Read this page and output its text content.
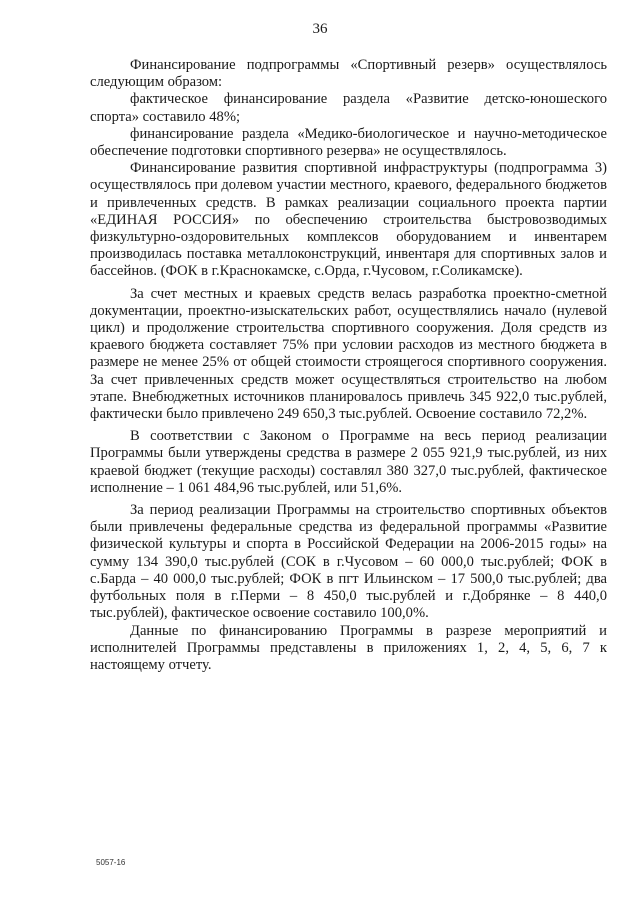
36

Финансирование подпрограммы «Спортивный резерв» осуществлялось следующим образом:

фактическое финансирование раздела «Развитие детско-юношеского спорта» составило 48%;

финансирование раздела «Медико-биологическое и научно-методическое обеспечение подготовки спортивного резерва» не осуществлялось.

Финансирование развития спортивной инфраструктуры (подпрограмма 3) осуществлялось при долевом участии местного, краевого, федерального бюджетов и привлеченных средств. В рамках реализации социального проекта партии «ЕДИНАЯ РОССИЯ» по обеспечению строительства быстровозводимых физкультурно-оздоровительных комплексов оборудованием и инвентарем производилась поставка металлоконструкций, инвентаря для спортивных залов и бассейнов. (ФОК в г.Краснокамске, с.Орда, г.Чусовом, г.Соликамске).

За счет местных и краевых средств велась разработка проектно-сметной документации, проектно-изыскательских работ, осуществлялись начало (нулевой цикл) и продолжение строительства спортивного сооружения. Доля средств из краевого бюджета составляет 75% при условии расходов из местного бюджета в размере не менее 25% от общей стоимости строящегося спортивного сооружения. За счет привлеченных средств может осуществляться строительство на любом этапе. Внебюджетных источников планировалось привлечь 345 922,0 тыс.рублей, фактически было привлечено 249 650,3 тыс.рублей. Освоение составило 72,2%.

В соответствии с Законом о Программе на весь период реализации Программы были утверждены средства в размере 2 055 921,9 тыс.рублей, из них краевой бюджет (текущие расходы) составлял 380 327,0 тыс.рублей, фактическое исполнение – 1 061 484,96 тыс.рублей, или 51,6%.

За период реализации Программы на строительство спортивных объектов были привлечены федеральные средства из федеральной программы «Развитие физической культуры и спорта в Российской Федерации на 2006-2015 годы» на сумму 134 390,0 тыс.рублей (СОК в г.Чусовом – 60 000,0 тыс.рублей; ФОК в с.Барда – 40 000,0 тыс.рублей; ФОК в пгт Ильинском – 17 500,0 тыс.рублей; два футбольных поля в г.Перми – 8 450,0 тыс.рублей и г.Добрянке – 8 440,0 тыс.рублей), фактическое освоение составило 100,0%.

Данные по финансированию Программы в разрезе мероприятий и исполнителей Программы представлены в приложениях 1, 2, 4, 5, 6, 7 к настоящему отчету.

5057-16
